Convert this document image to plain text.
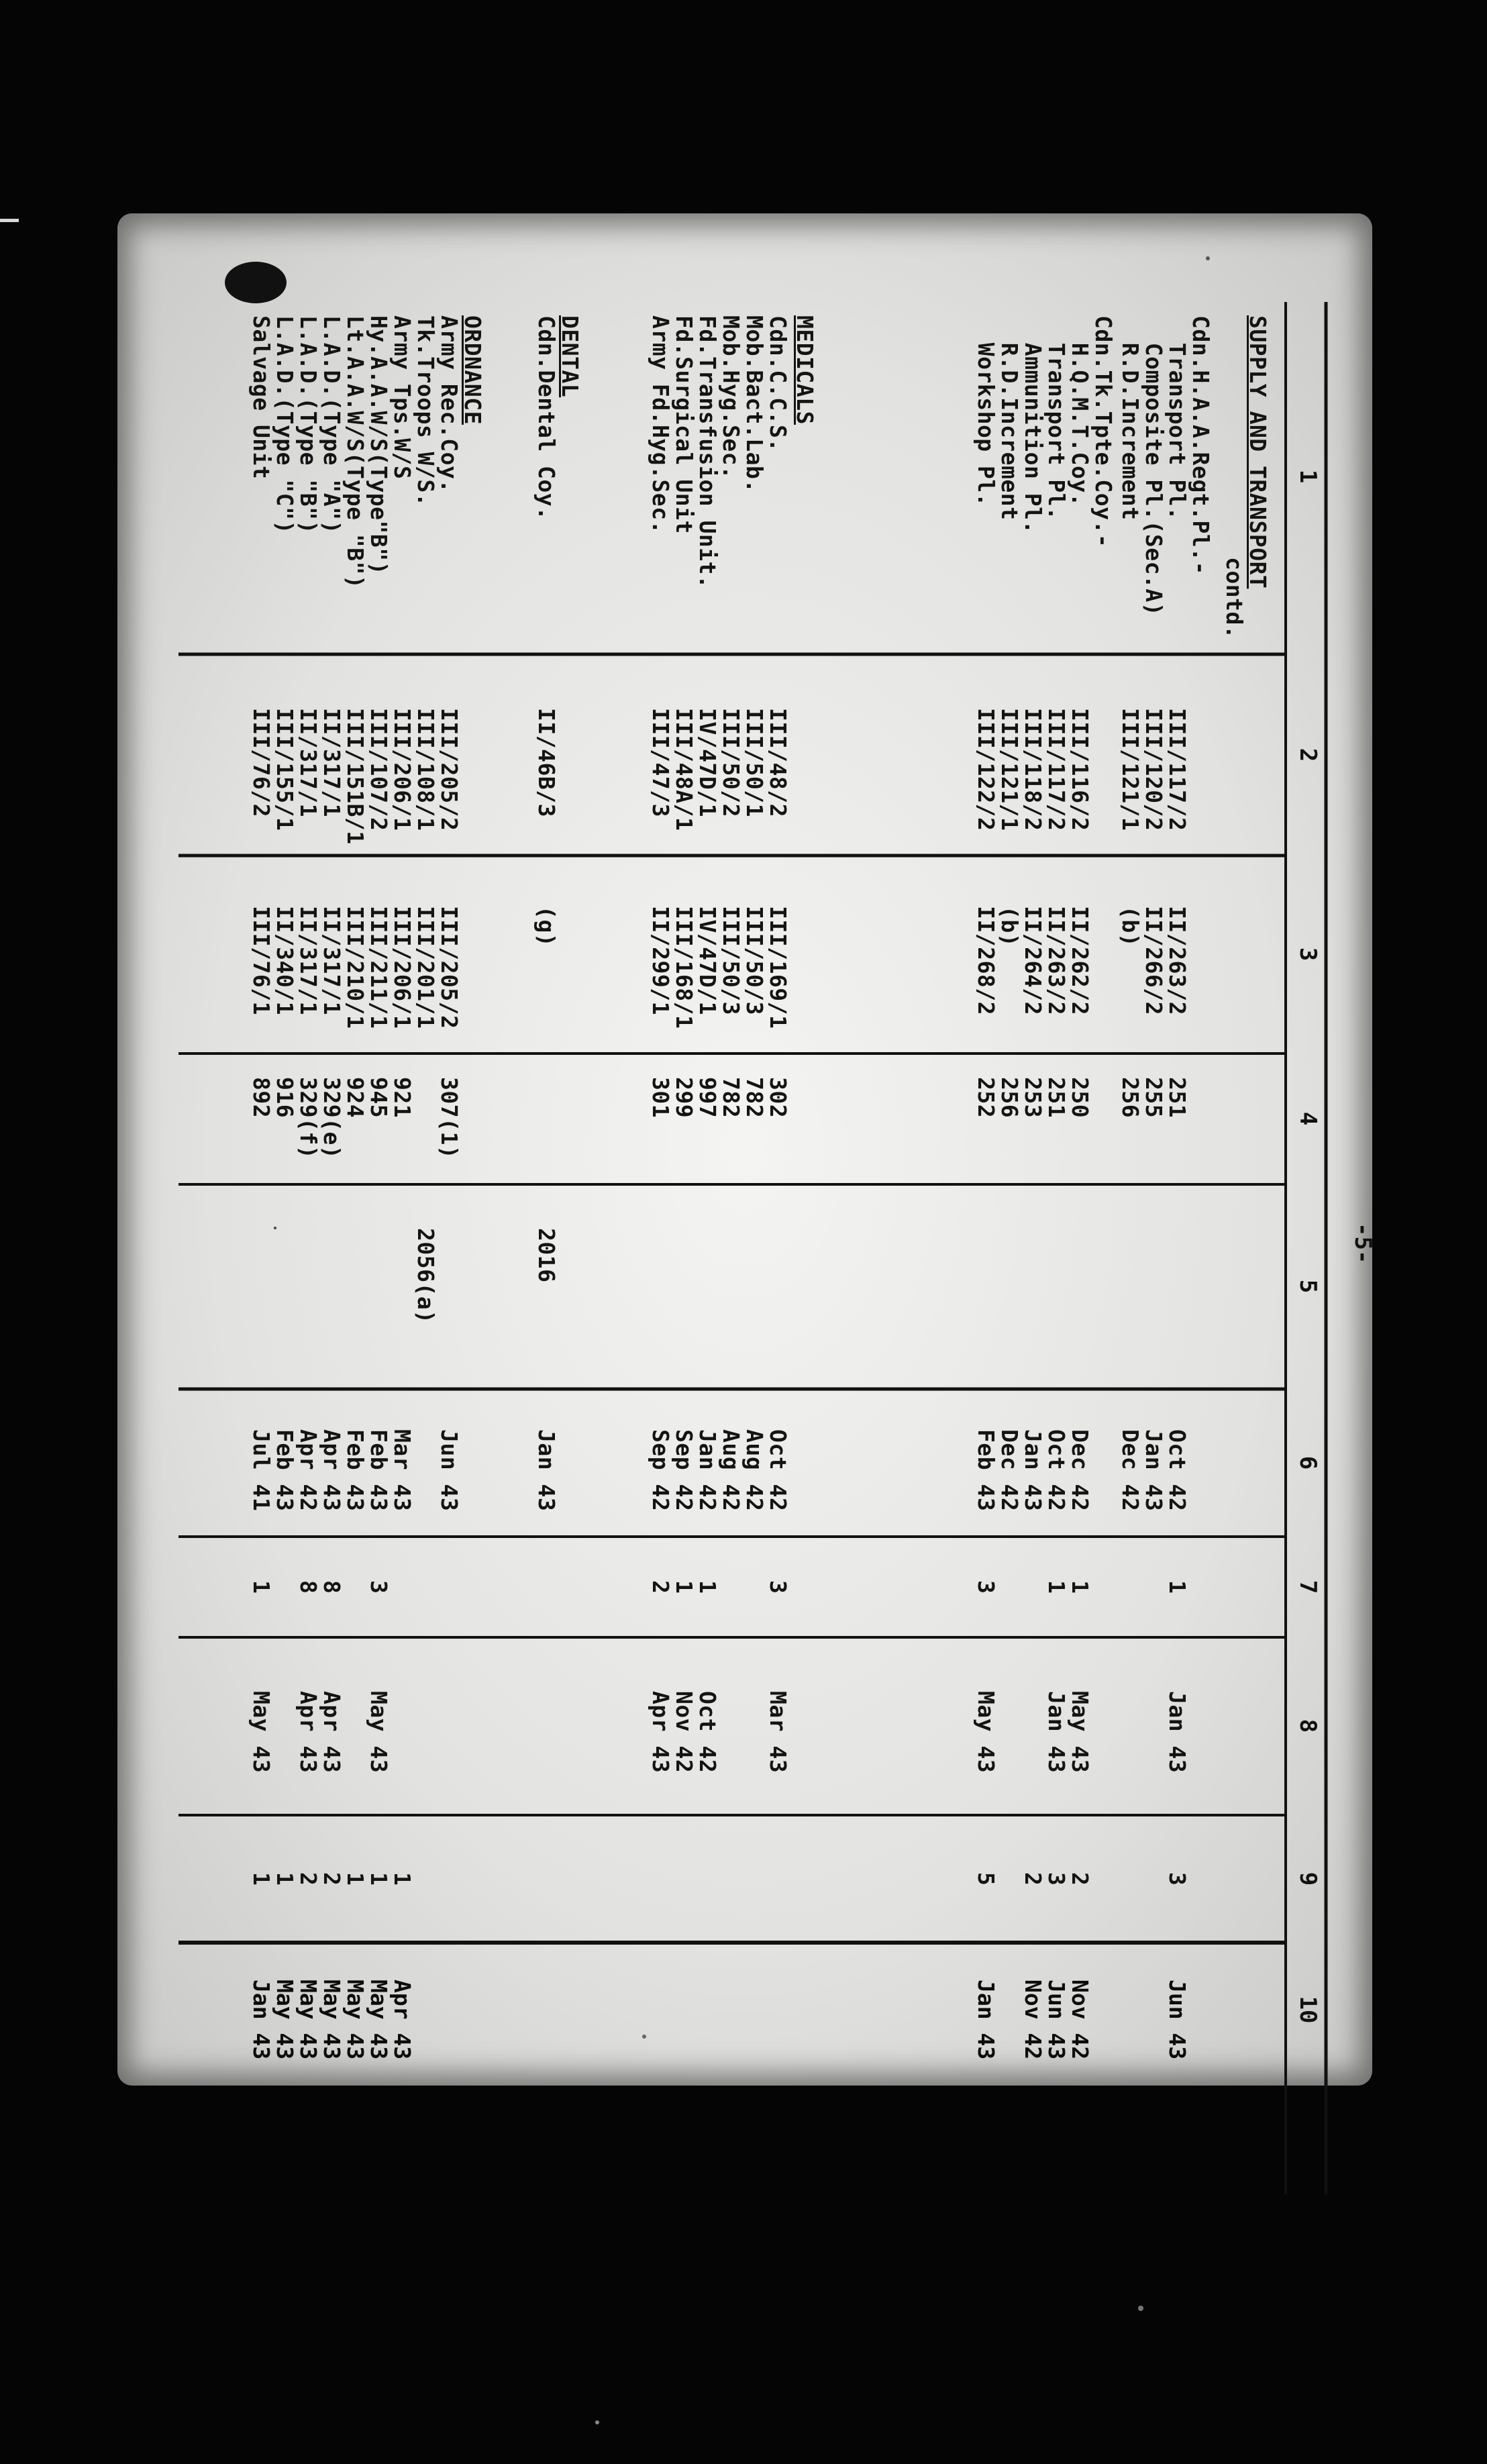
-5-
1
2
3
4
5
6
7
8
9
10
SUPPLY AND TRANSPORT
contd.
MEDICALS
DENTAL
ORDNANCE	Cdn.H.A.A.Regt.Pl.-
Transport Pl.
III/117/2
II/263/2
251
Oct 42
1
Jan 43
3
Jun 43
Composite Pl.(Sec.A)
III/120/2
II/266/2
255
Jan 43
R.D.Increment
III/121/1
(b)
256
Dec 42
Cdn.Tk.Tpte.Coy.-
H.Q.M.T.Coy.
III/116/2
II/262/2
250
Dec 42
1
May 43
2
Nov 42
Transport Pl.
III/117/2
II/263/2
251
Oct 42
1
Jan 43
3
Jun 43
Ammunition Pl.
III/118/2
II/264/2
253
Jan 43
2
Nov 42
R.D.Increment
III/121/1
(b)
256
Dec 42
Workshop Pl.
III/122/2
II/268/2
252
Feb 43
3
May 43
5
Jan 43
Cdn.C.C.S.
III/48/2
III/169/1
302
Oct 42
3
Mar 43
Mob.Bact.Lab.
III/50/1
III/50/3
782
Aug 42
Mob.Hyg.Sec.
III/50/2
III/50/3
782
Aug 42
Fd.Transfusion Unit.
IV/47D/1
IV/47D/1
997
Jan 42
1
Oct 42
Fd.Surgical Unit
III/48A/1
III/168/1
299
Sep 42
1
Nov 42
Army Fd.Hyg.Sec.
III/47/3
II/299/1
301
Sep 42
2
Apr 43
Cdn.Dental Coy.
II/46B/3
(g)
2016
Jan 43
Army Rec.Coy.
III/205/2
III/205/2
307(1)
Jun 43
Tk.Troops W/S.
III/108/1
III/201/1
2056(a)
Army Tps.W/S
III/206/1
III/206/1
921
Mar 43
1
Apr 43
Hy.A.A.W/S(Type"B")
III/107/2
III/211/1
945
Feb 43
3
May 43
1
May 43
Lt.A.A.W/S(Type "B")
III/151B/1
III/210/1
924
Feb 43
1
May 43
L.A.D.(Type "A")
II/317/1
II/317/1
329(e)
Apr 43
8
Apr 43
2
May 43
L.A.D.(Type "B")
II/317/1
II/317/1
329(f)
Apr 42
8
Apr 43
2
May 43
L.A.D.(Type "C")
III/155/1
II/340/1
916
Feb 43
1
May 43
Salvage Unit
III/76/2
III/76/1
892
Jul 41
1
May 43
1
Jan 43
